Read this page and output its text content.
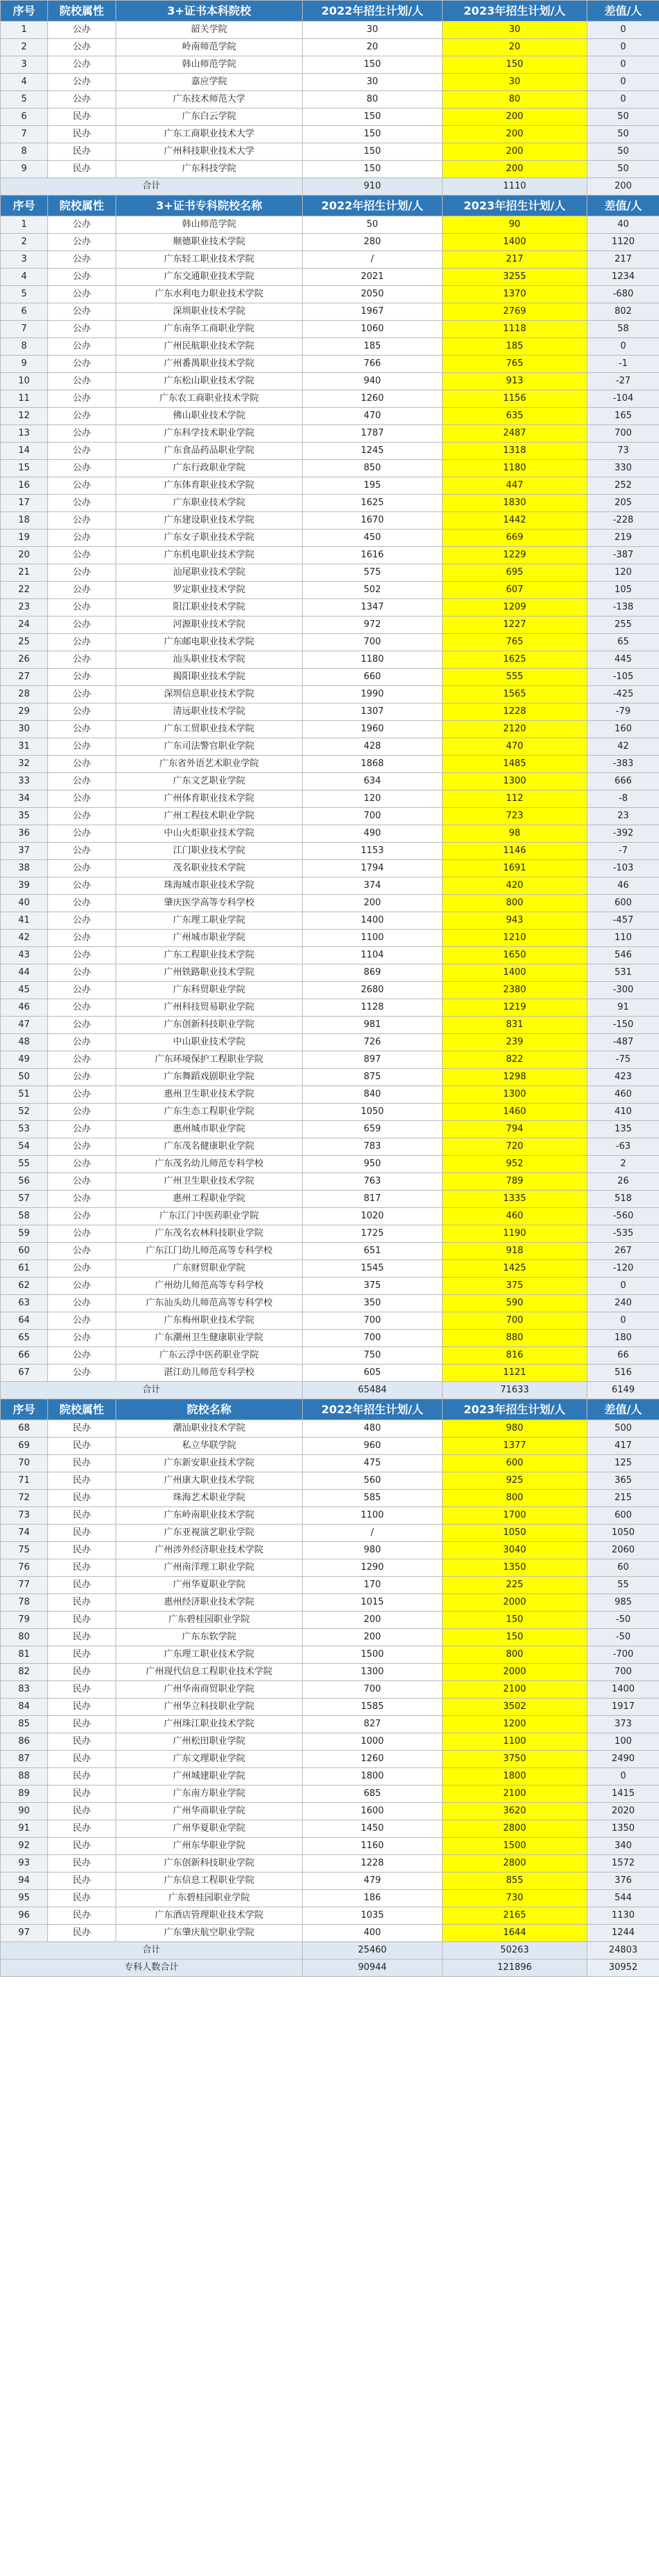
序号	院校属性	3+证书本科院校	2022年招生计划/人	2023年招生计划/人	差值/人
1	公办	韶关学院	30	30	0
2	公办	岭南师范学院	20	20	0
3	公办	韩山师范学院	150	150	0
4	公办	嘉应学院	30	30	0
5	公办	广东技术师范大学	80	80	0
6	民办	广东白云学院	150	200	50
7	民办	广东工商职业技术大学	150	200	50
8	民办	广州科技职业技术大学	150	200	50
9	民办	广东科技学院	150	200	50
合计			910	1110	200
序号	院校属性	3+证书专科院校名称	2022年招生计划/人	2023年招生计划/人	差值/人
1	公办	韩山师范学院	50	90	40
2	公办	顺德职业技术学院	280	1400	1120
3	公办	广东轻工职业技术学院	/	217	217
4	公办	广东交通职业技术学院	2021	3255	1234
5	公办	广东水利电力职业技术学院	2050	1370	-680
6	公办	深圳职业技术学院	1967	2769	802
7	公办	广东南华工商职业学院	1060	1118	58
8	公办	广州民航职业技术学院	185	185	0
9	公办	广州番禺职业技术学院	766	765	-1
10	公办	广东松山职业技术学院	940	913	-27
11	公办	广东农工商职业技术学院	1260	1156	-104
12	公办	佛山职业技术学院	470	635	165
13	公办	广东科学技术职业学院	1787	2487	700
14	公办	广东食品药品职业学院	1245	1318	73
15	公办	广东行政职业学院	850	1180	330
16	公办	广东体育职业技术学院	195	447	252
17	公办	广东职业技术学院	1625	1830	205
18	公办	广东建设职业技术学院	1670	1442	-228
19	公办	广东女子职业技术学院	450	669	219
20	公办	广东机电职业技术学院	1616	1229	-387
21	公办	汕尾职业技术学院	575	695	120
22	公办	罗定职业技术学院	502	607	105
23	公办	阳江职业技术学院	1347	1209	-138
24	公办	河源职业技术学院	972	1227	255
25	公办	广东邮电职业技术学院	700	765	65
26	公办	汕头职业技术学院	1180	1625	445
27	公办	揭阳职业技术学院	660	555	-105
28	公办	深圳信息职业技术学院	1990	1565	-425
29	公办	清远职业技术学院	1307	1228	-79
30	公办	广东工贸职业技术学院	1960	2120	160
31	公办	广东司法警官职业学院	428	470	42
32	公办	广东省外语艺术职业学院	1868	1485	-383
33	公办	广东文艺职业学院	634	1300	666
34	公办	广州体育职业技术学院	120	112	-8
35	公办	广州工程技术职业学院	700	723	23
36	公办	中山火炬职业技术学院	490	98	-392
37	公办	江门职业技术学院	1153	1146	-7
38	公办	茂名职业技术学院	1794	1691	-103
39	公办	珠海城市职业技术学院	374	420	46
40	公办	肇庆医学高等专科学校	200	800	600
41	公办	广东理工职业学院	1400	943	-457
42	公办	广州城市职业学院	1100	1210	110
43	公办	广东工程职业技术学院	1104	1650	546
44	公办	广州铁路职业技术学院	869	1400	531
45	公办	广东科贸职业学院	2680	2380	-300
46	公办	广州科技贸易职业学院	1128	1219	91
47	公办	广东创新科技职业学院	981	831	-150
48	公办	中山职业技术学院	726	239	-487
49	公办	广东环境保护工程职业学院	897	822	-75
50	公办	广东舞蹈戏剧职业学院	875	1298	423
51	公办	惠州卫生职业技术学院	840	1300	460
52	公办	广东生态工程职业学院	1050	1460	410
53	公办	惠州城市职业学院	659	794	135
54	公办	广东茂名健康职业学院	783	720	-63
55	公办	广东茂名幼儿师范专科学校	950	952	2
56	公办	广州卫生职业技术学院	763	789	26
57	公办	惠州工程职业学院	817	1335	518
58	公办	广东江门中医药职业学院	1020	460	-560
59	公办	广东茂名农林科技职业学院	1725	1190	-535
60	公办	广东江门幼儿师范高等专科学校	651	918	267
61	公办	广东财贸职业学院	1545	1425	-120
62	公办	广州幼儿师范高等专科学校	375	375	0
63	公办	广东汕头幼儿师范高等专科学校	350	590	240
64	公办	广东梅州职业技术学院	700	700	0
65	公办	广东潮州卫生健康职业学院	700	880	180
66	公办	广东云浮中医药职业学院	750	816	66
67	公办	湛江幼儿师范专科学校	605	1121	516
合计			65484	71633	6149
序号	院校属性	院校名称	2022年招生计划/人	2023年招生计划/人	差值/人
68	民办	潮汕职业技术学院	480	980	500
69	民办	私立华联学院	960	1377	417
70	民办	广东新安职业技术学院	475	600	125
71	民办	广州康大职业技术学院	560	925	365
72	民办	珠海艺术职业学院	585	800	215
73	民办	广东岭南职业技术学院	1100	1700	600
74	民办	广东亚视演艺职业学院	/	1050	1050
75	民办	广州涉外经济职业技术学院	980	3040	2060
76	民办	广州南洋理工职业学院	1290	1350	60
77	民办	广州华夏职业学院	170	225	55
78	民办	惠州经济职业技术学院	1015	2000	985
79	民办	广东碧桂园职业学院	200	150	-50
80	民办	广东东软学院	200	150	-50
81	民办	广东理工职业技术学院	1500	800	-700
82	民办	广州现代信息工程职业技术学院	1300	2000	700
83	民办	广州华南商贸职业学院	700	2100	1400
84	民办	广州华立科技职业学院	1585	3502	1917
85	民办	广州珠江职业技术学院	827	1200	373
86	民办	广州松田职业学院	1000	1100	100
87	民办	广东文理职业学院	1260	3750	2490
88	民办	广州城建职业学院	1800	1800	0
89	民办	广东南方职业学院	685	2100	1415
90	民办	广州华商职业学院	1600	3620	2020
91	民办	广州华夏职业学院	1450	2800	1350
92	民办	广州东华职业学院	1160	1500	340
93	民办	广东创新科技职业学院	1228	2800	1572
94	民办	广东信息工程职业学院	479	855	376
95	民办	广东碧桂园职业学院	186	730	544
96	民办	广东酒店管理职业技术学院	1035	2165	1130
97	民办	广东肇庆航空职业学院	400	1644	1244
合计			25460	50263	24803
专科人数合计			90944	121896	30952
